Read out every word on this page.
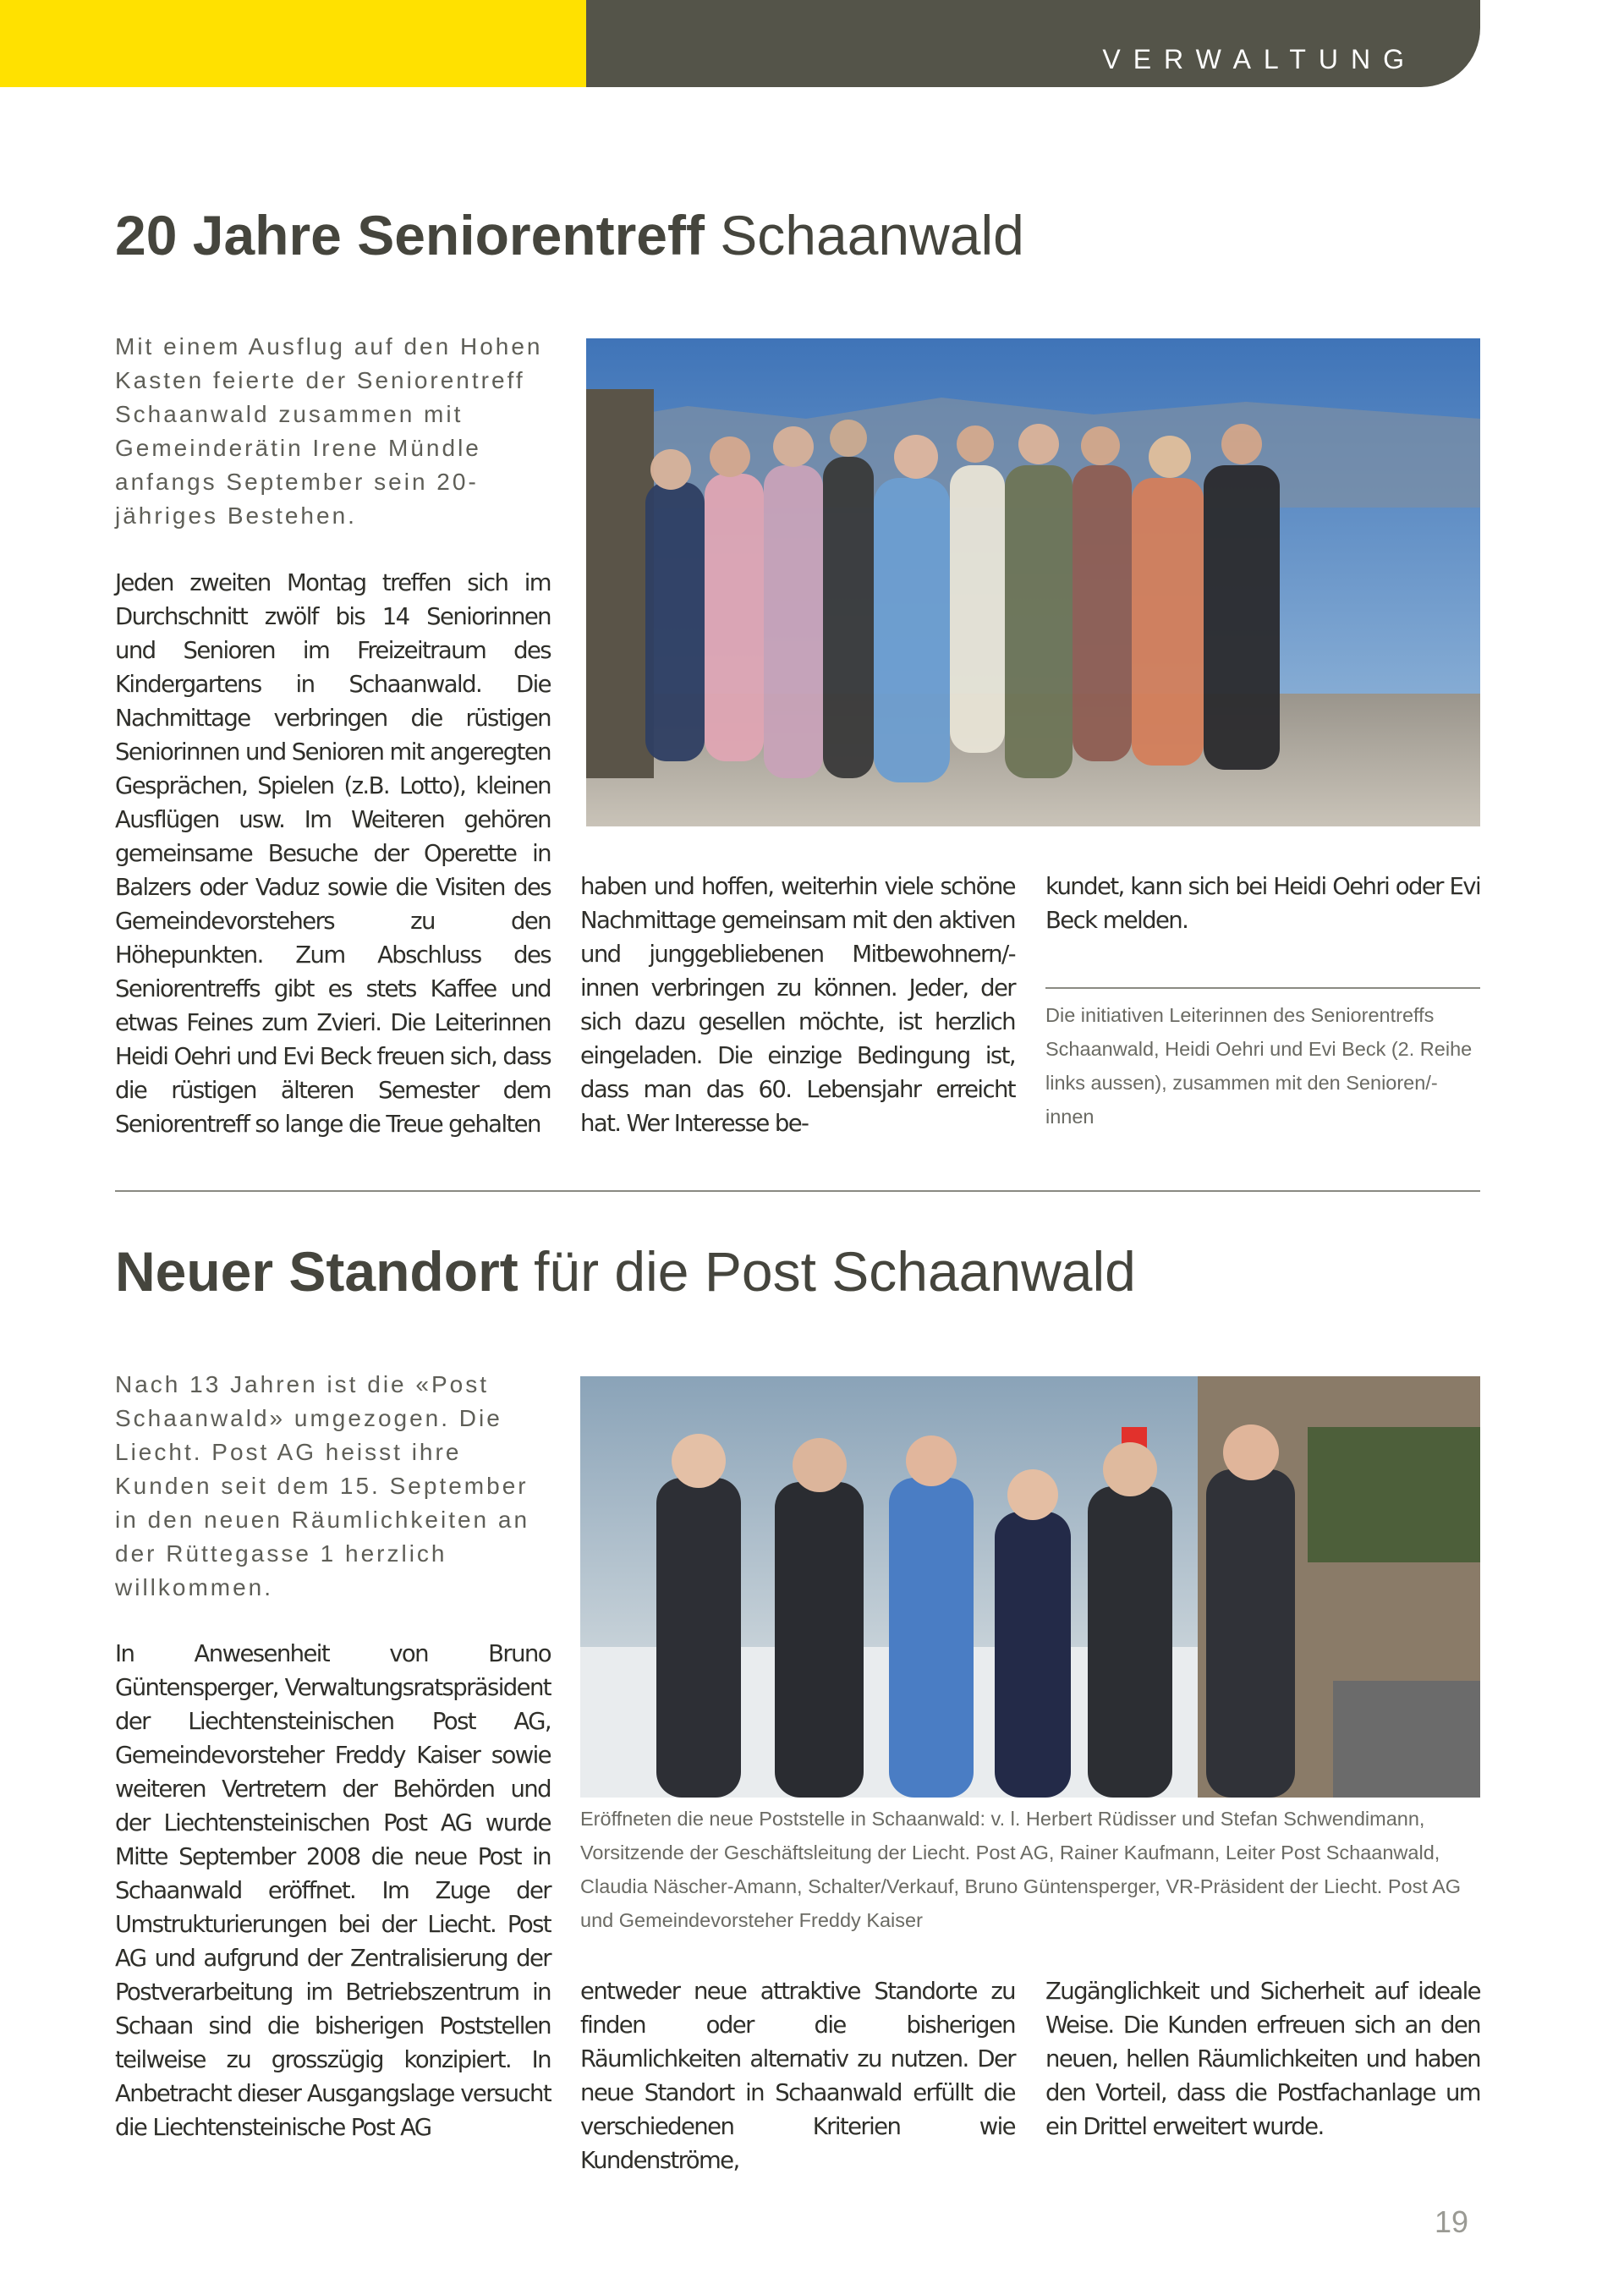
VERWALTUNG
20 Jahre Seniorentreff Schaanwald

Mit einem Ausflug auf den Hohen Kasten feierte der Seniorentreff Schaanwald zusammen mit Gemeinderätin Irene Mündle anfangs September sein 20-jähriges Bestehen.

Jeden zweiten Montag treffen sich im Durchschnitt zwölf bis 14 Seniorinnen und Senioren im Freizeitraum des Kindergartens in Schaanwald. Die Nachmittage verbringen die rüstigen Seniorinnen und Senioren mit angeregten Gesprächen, Spielen (z.B. Lotto), kleinen Ausflügen usw. Im Weiteren gehören gemeinsame Besuche der Operette in Balzers oder Vaduz sowie die Visiten des Gemeindevorstehers zu den Höhepunkten. Zum Abschluss des Seniorentreffs gibt es stets Kaffee und etwas Feines zum Zvieri. Die Leiterinnen Heidi Oehri und Evi Beck freuen sich, dass die rüstigen älteren Semester dem Seniorentreff so lange die Treue gehalten

haben und hoffen, weiterhin viele schöne Nachmittage gemeinsam mit den aktiven und junggebliebenen Mitbewohnern/-innen verbringen zu können. Jeder, der sich dazu gesellen möchte, ist herzlich eingeladen. Die einzige Bedingung ist, dass man das 60. Lebensjahr erreicht hat. Wer Interesse be-

kundet, kann sich bei Heidi Oehri oder Evi Beck melden.

Die initiativen Leiterinnen des Seniorentreffs Schaanwald, Heidi Oehri und Evi Beck (2. Reihe links aussen), zusammen mit den Senioren/-innen

Neuer Standort für die Post Schaanwald

Nach 13 Jahren ist die «Post Schaanwald» umgezogen. Die Liecht. Post AG heisst ihre Kunden seit dem 15. September in den neuen Räumlichkeiten an der Rüttegasse 1 herzlich willkommen.

In Anwesenheit von Bruno Güntensperger, Verwaltungsratspräsident der Liechtensteinischen Post AG, Gemeindevorsteher Freddy Kaiser sowie weiteren Vertretern der Behörden und der Liechtensteinischen Post AG wurde Mitte September 2008 die neue Post in Schaanwald eröffnet. Im Zuge der Umstrukturierungen bei der Liecht. Post AG und aufgrund der Zentralisierung der Postverarbeitung im Betriebszentrum in Schaan sind die bisherigen Poststellen teilweise zu grosszügig konzipiert. In Anbetracht dieser Ausgangslage versucht die Liechtensteinische Post AG

entweder neue attraktive Standorte zu finden oder die bisherigen Räumlichkeiten alternativ zu nutzen. Der neue Standort in Schaanwald erfüllt die verschiedenen Kriterien wie Kundenströme,

Zugänglichkeit und Sicherheit auf ideale Weise. Die Kunden erfreuen sich an den neuen, hellen Räumlichkeiten und haben den Vorteil, dass die Postfachanlage um ein Drittel erweitert wurde.

Eröffneten die neue Poststelle in Schaanwald: v. l. Herbert Rüdisser und Stefan Schwendimann, Vorsitzende der Geschäftsleitung der Liecht. Post AG, Rainer Kaufmann, Leiter Post Schaanwald, Claudia Näscher-Amann, Schalter/Verkauf, Bruno Güntensperger, VR-Präsident der Liecht. Post AG und Gemeindevorsteher Freddy Kaiser

19
